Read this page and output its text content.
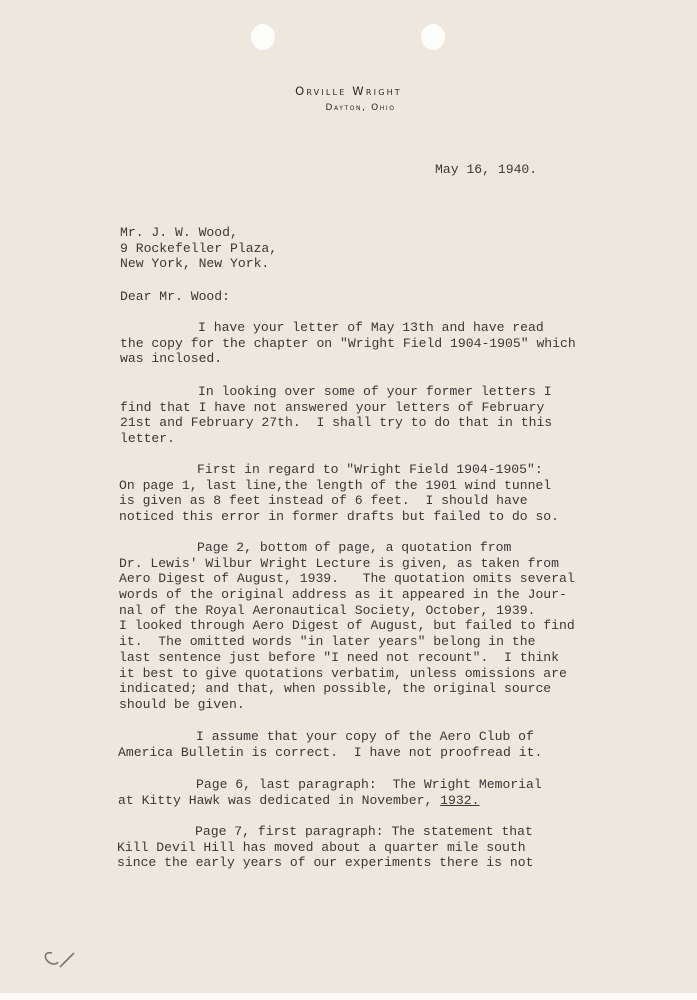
Orville Wright
Dayton, Ohio
May 16, 1940.
Mr. J. W. Wood,
9 Rockefeller Plaza,
New York, New York.
Dear Mr. Wood:
I have your letter of May 13th and have read
the copy for the chapter on "Wright Field 1904-1905" which
was inclosed.
In looking over some of your former letters I
find that I have not answered your letters of February
21st and February 27th.  I shall try to do that in this
letter.
First in regard to "Wright Field 1904-1905":
On page 1, last line,the length of the 1901 wind tunnel
is given as 8 feet instead of 6 feet.  I should have
noticed this error in former drafts but failed to do so.
Page 2, bottom of page, a quotation from
Dr. Lewis' Wilbur Wright Lecture is given, as taken from
Aero Digest of August, 1939.   The quotation omits several
words of the original address as it appeared in the Jour-
nal of the Royal Aeronautical Society, October, 1939.
I looked through Aero Digest of August, but failed to find
it.  The omitted words "in later years" belong in the
last sentence just before "I need not recount".  I think
it best to give quotations verbatim, unless omissions are
indicated; and that, when possible, the original source
should be given.
I assume that your copy of the Aero Club of
America Bulletin is correct.  I have not proofread it.
Page 6, last paragraph:  The Wright Memorial
at Kitty Hawk was dedicated in November, 1932.
Page 7, first paragraph: The statement that
Kill Devil Hill has moved about a quarter mile south
since the early years of our experiments there is not
